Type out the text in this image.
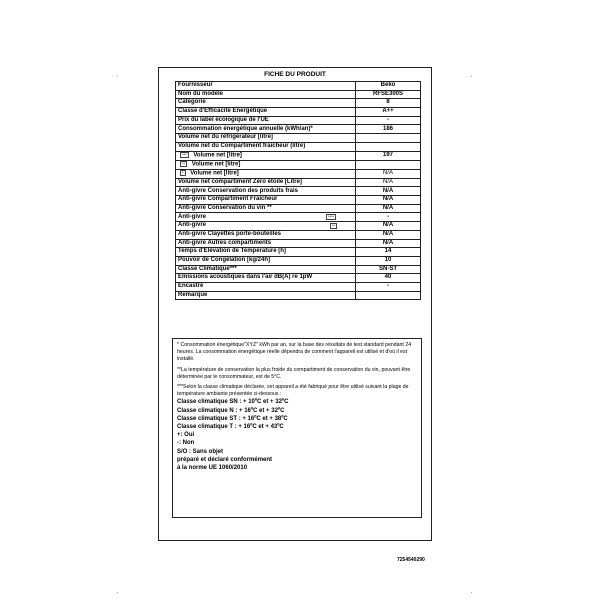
FICHE DU PRODUIT
Fournisseur	Beko
Nom du modèle	RFSE300S
Catégorie	8
Classe d'Efficacité Energétique	A++
Prix du label écologique de l'UE	-
Consommation énergétique annuelle (kWh/an)*	186
Volume net du réfrigérateur [litre]	
Volume net du Compartiment fraîcheur (litre)	
*** Volume net [litre]	197
** Volume net [litre]	
* Volume net [litre]	N/A
Volume net compartiment Zéro étoile [Litre]	N/A
Anti-givre Conservation des produits frais	N/A
Anti-givre Compartiment Fraîcheur	N/A
Anti-givre Conservation du vin **	N/A
Anti-givre ****	-
Anti-givre **	N/A
Anti-givre Clayettes porte-bouteilles	N/A
Anti-givre Autres compartiments	N/A
Temps d'Elévation de Température [h]	14
Pouvoir de Congélation [kg/24h]	10
Classe Climatique***	SN-ST
Emissions acoustiques dans l'air dB(A) re 1pW	40
Encastré	-
Remarque	
* Consommation énergétique"XYZ" kWh par an, sur la base des résultats de test standard pendant 24 heures. La consommation énergétique réelle dépendra de comment l'appareil est utilisé et d'où il est installé.
**La température de conservation la plus froide du compartiment de conservation du vin, pouvant être déterminée par le consommateur, est de 5°C.
***Selon la classe climatique déclarée, cet appareil a été fabriqué pour être utilisé suivant la plage de température ambiante présentée ci-dessous :
Classe climatique SN : + 10ºC et + 32ºC
Classe climatique N : + 16ºC et + 32ºC
Classe climatique ST : + 16ºC et + 38ºC
Classe climatique T : + 16ºC et + 43ºC
+: Oui
-: Non
S/O : Sans objet
préparé et déclaré conformément
à la norme UE 1060/2010
7254540290
·	·
·	·
